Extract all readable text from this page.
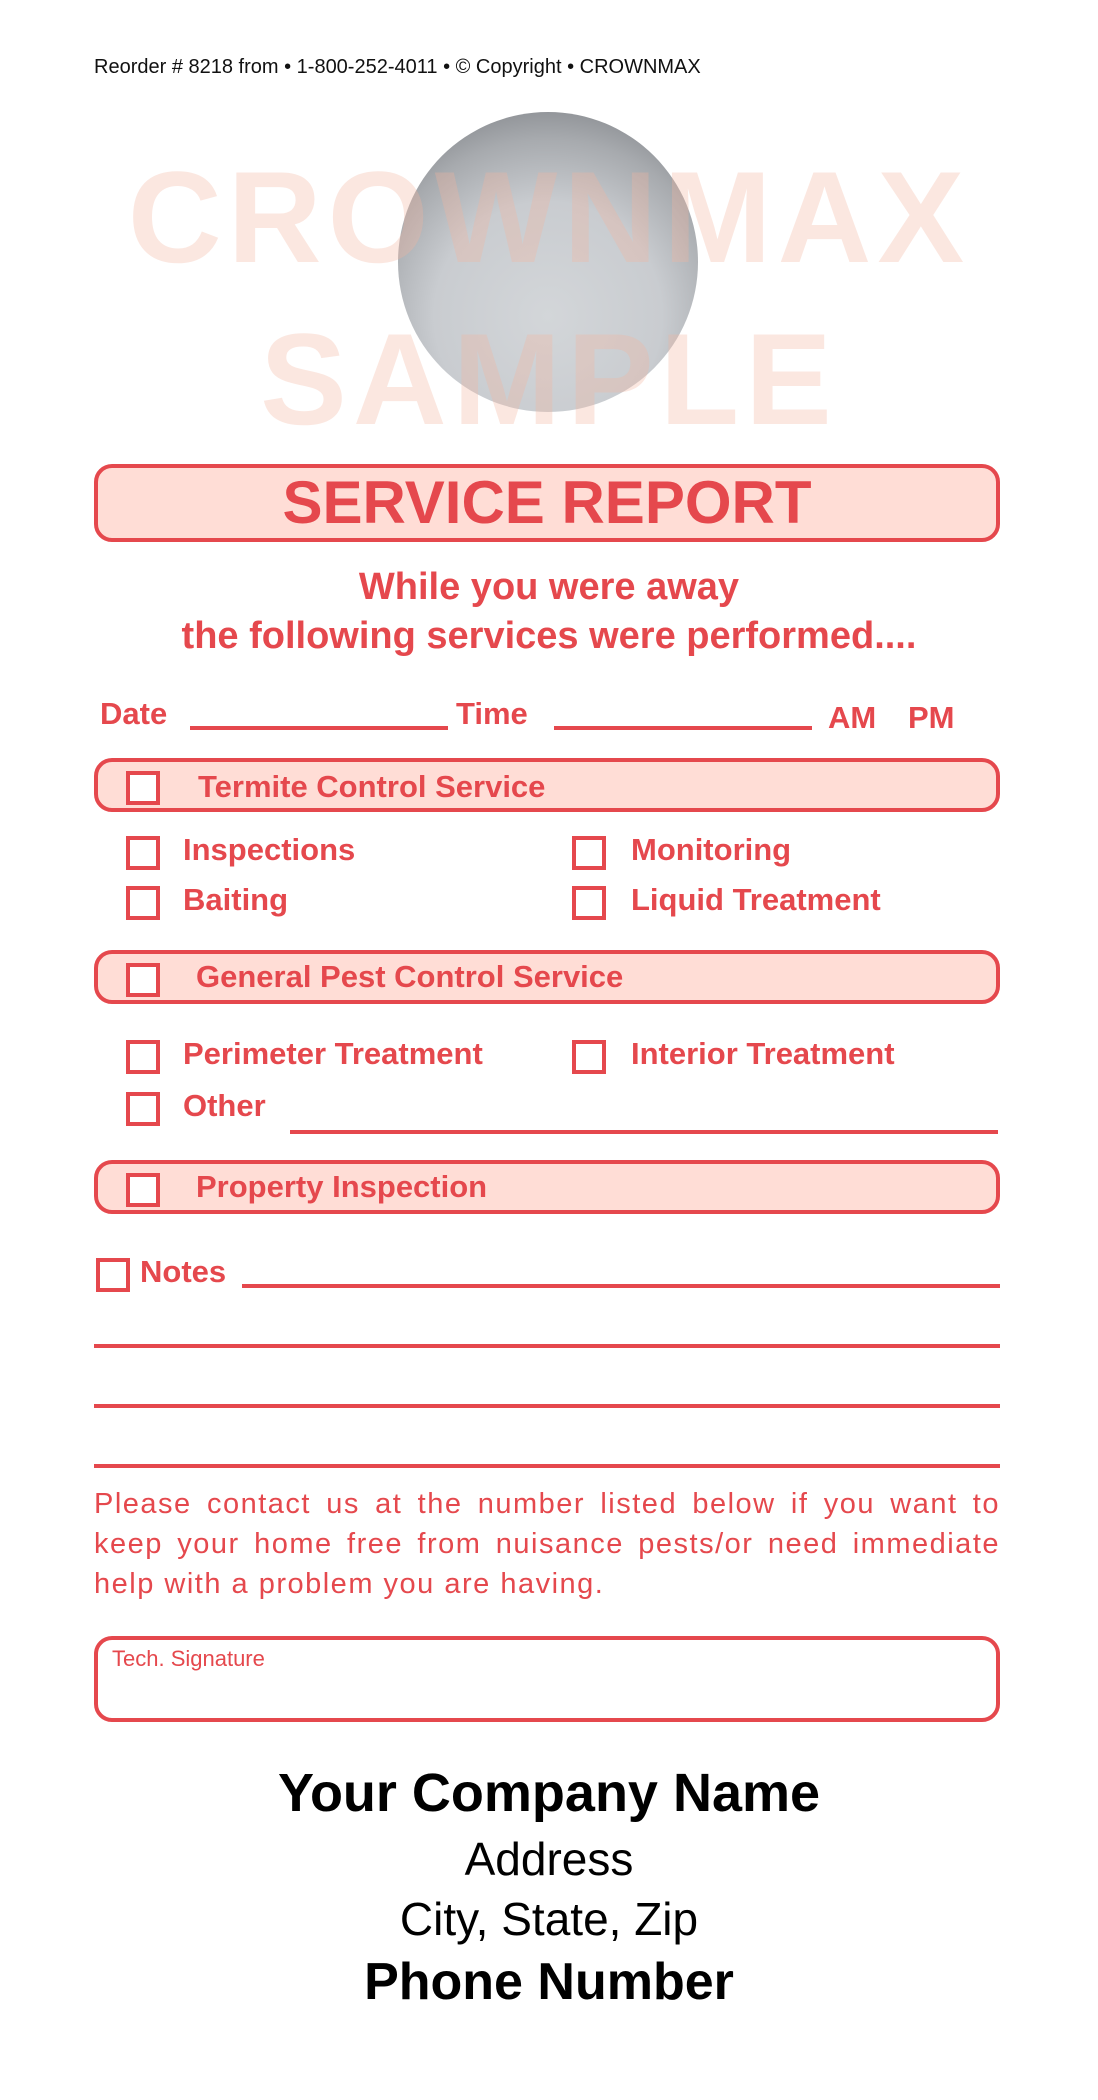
Reorder # 8218 from • 1-800-252-4011 • © Copyright • CROWNMAX
CROWNMAX
SAMPLE
SERVICE REPORT
While you were away
the following services were performed....
Date	Time	AM PM
Termite Control Service
Inspections	Monitoring
Baiting	Liquid Treatment
General Pest Control Service
Perimeter Treatment	Interior Treatment
Other
Property Inspection
Notes
Please contact us at the number listed below if you want to keep your home free from nuisance pests/or need immediate help with a problem you are having.
Tech. Signature
Your Company Name
Address
City, State, Zip
Phone Number
